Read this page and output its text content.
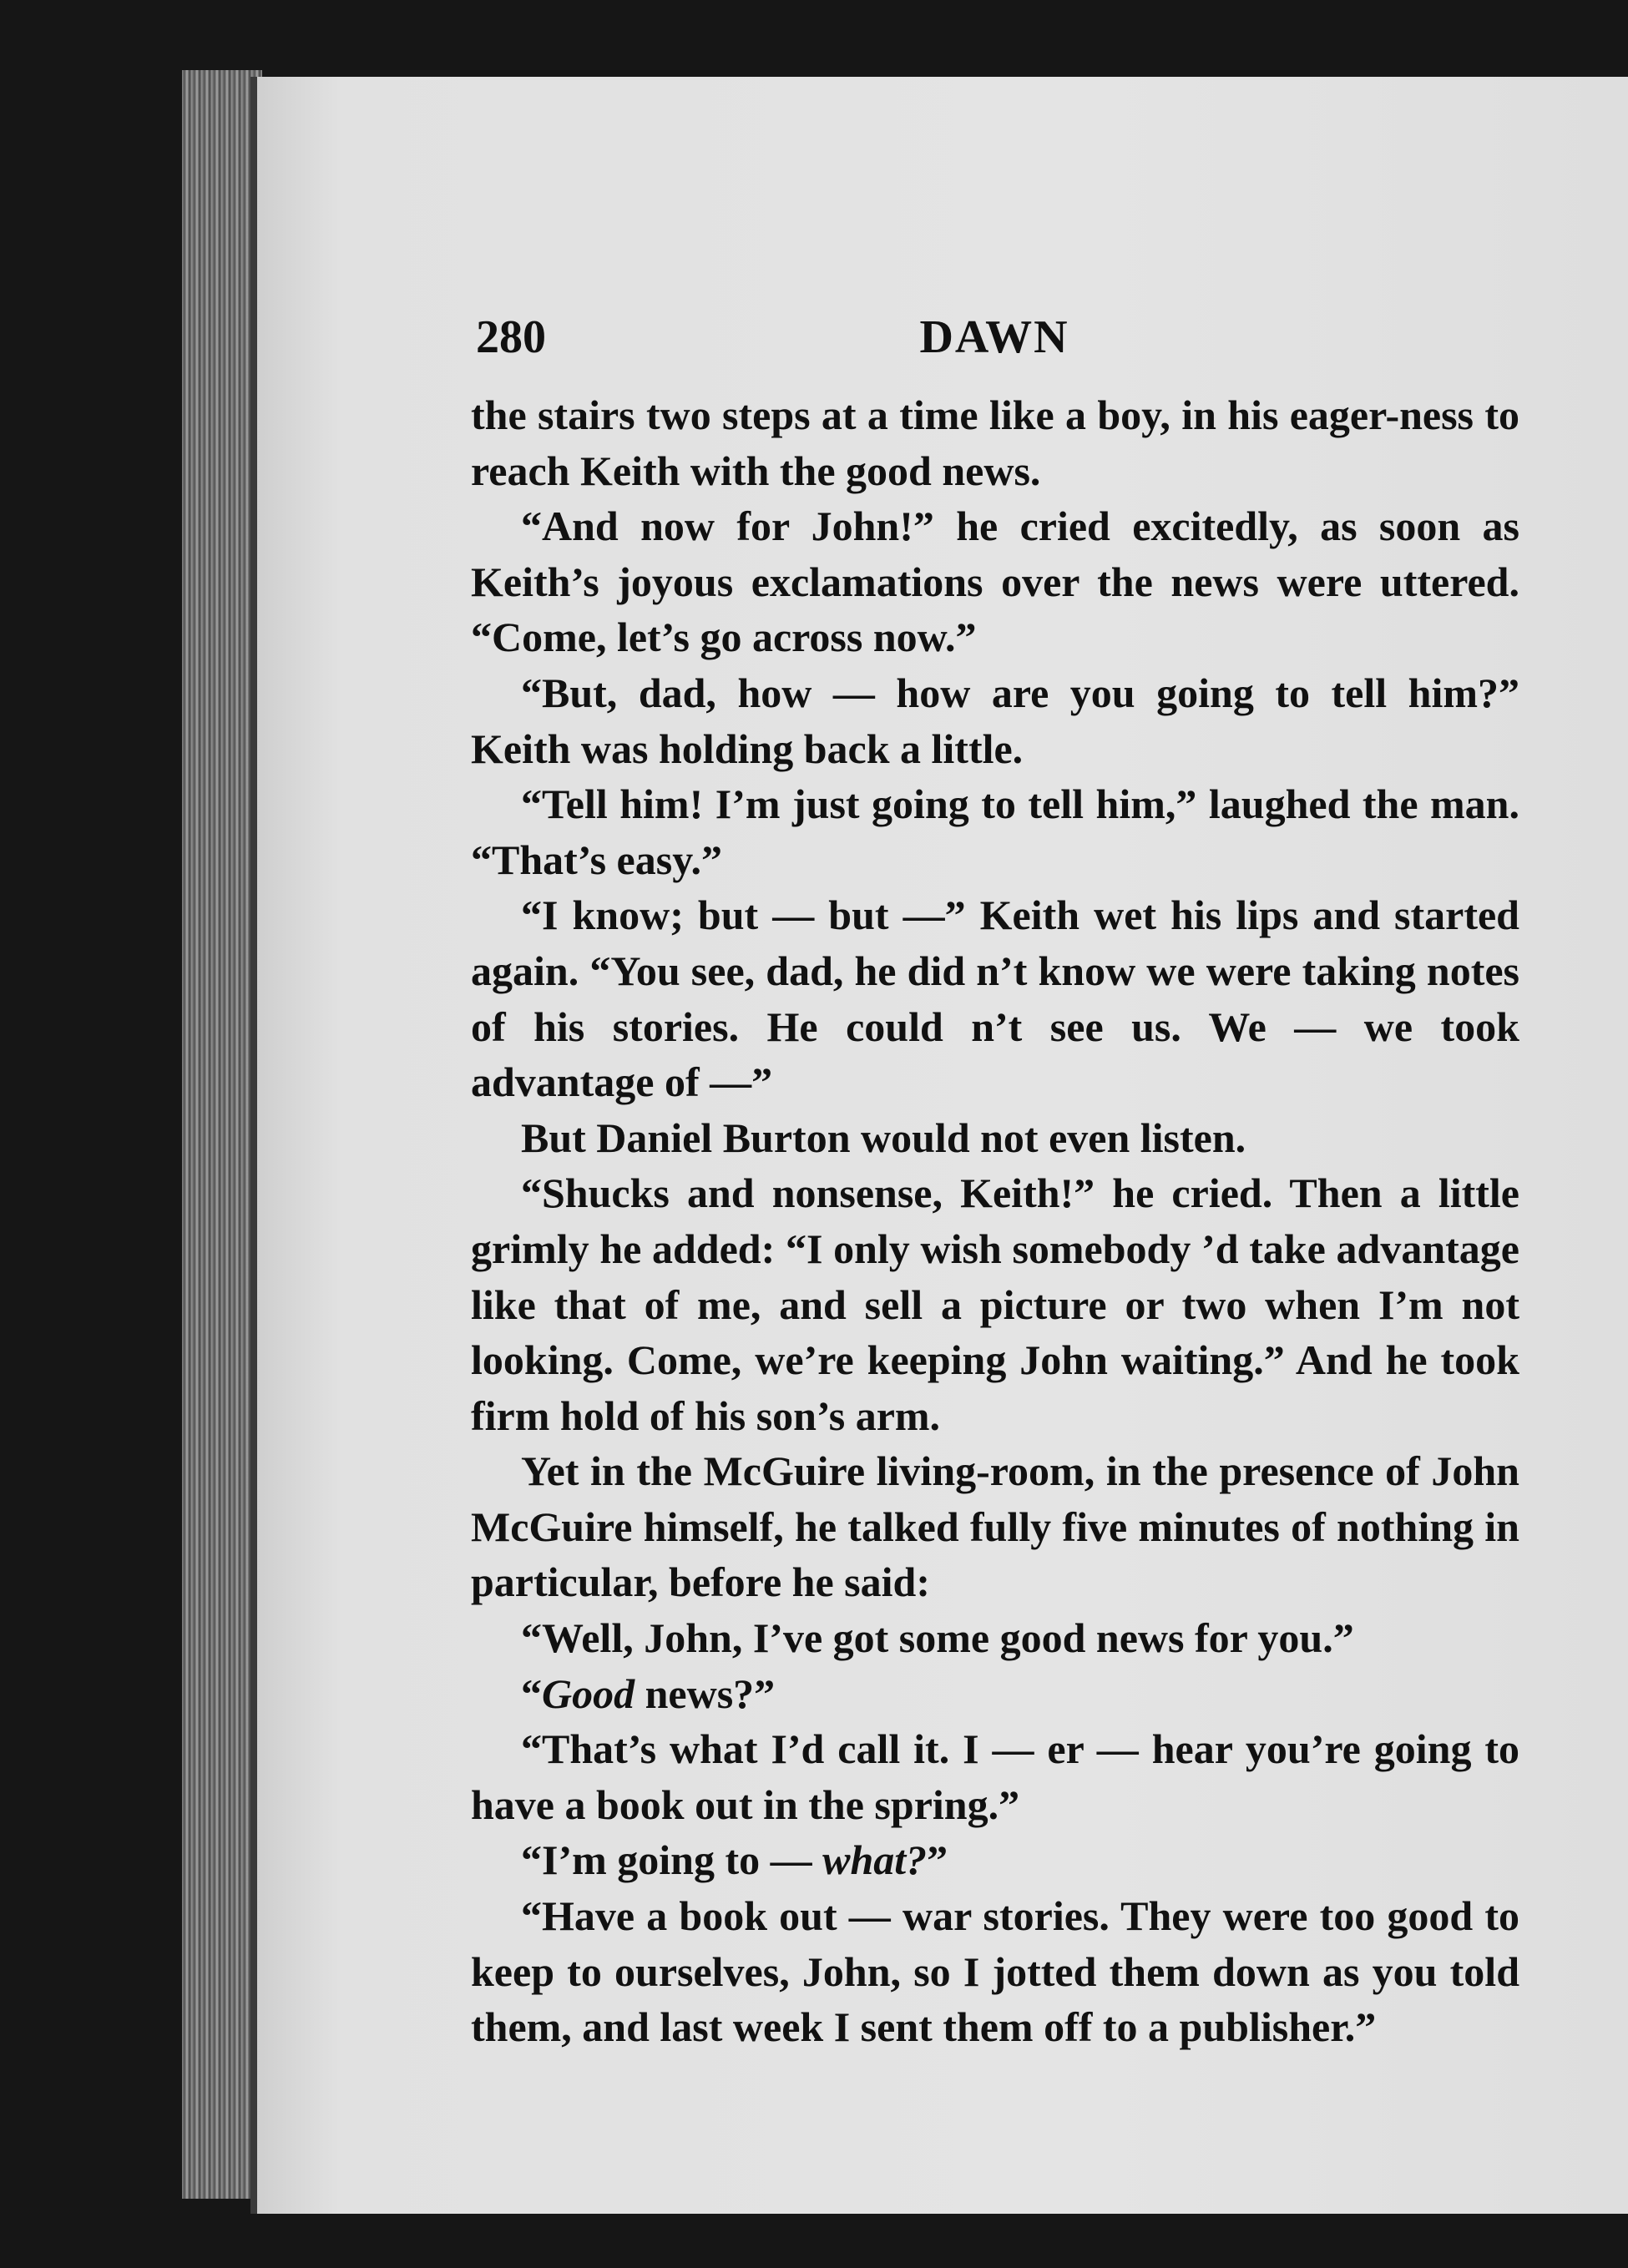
280	DAWN

the stairs two steps at a time like a boy, in his eager-ness to reach Keith with the good news.

“And now for John!” he cried excitedly, as soon as Keith’s joyous exclamations over the news were uttered. “Come, let’s go across now.”

“But, dad, how — how are you going to tell him?” Keith was holding back a little.

“Tell him! I’m just going to tell him,” laughed the man. “That’s easy.”

“I know; but — but —” Keith wet his lips and started again. “You see, dad, he did n’t know we were taking notes of his stories. He could n’t see us. We — we took advantage of —”

But Daniel Burton would not even listen.

“Shucks and nonsense, Keith!” he cried. Then a little grimly he added: “I only wish somebody ’d take advantage like that of me, and sell a picture or two when I’m not looking. Come, we’re keeping John waiting.” And he took firm hold of his son’s arm.

Yet in the McGuire living-room, in the presence of John McGuire himself, he talked fully five minutes of nothing in particular, before he said:

“Well, John, I’ve got some good news for you.”

“Good news?”

“That’s what I’d call it. I — er — hear you’re going to have a book out in the spring.”

“I’m going to — what?”

“Have a book out — war stories. They were too good to keep to ourselves, John, so I jotted them down as you told them, and last week I sent them off to a publisher.”
